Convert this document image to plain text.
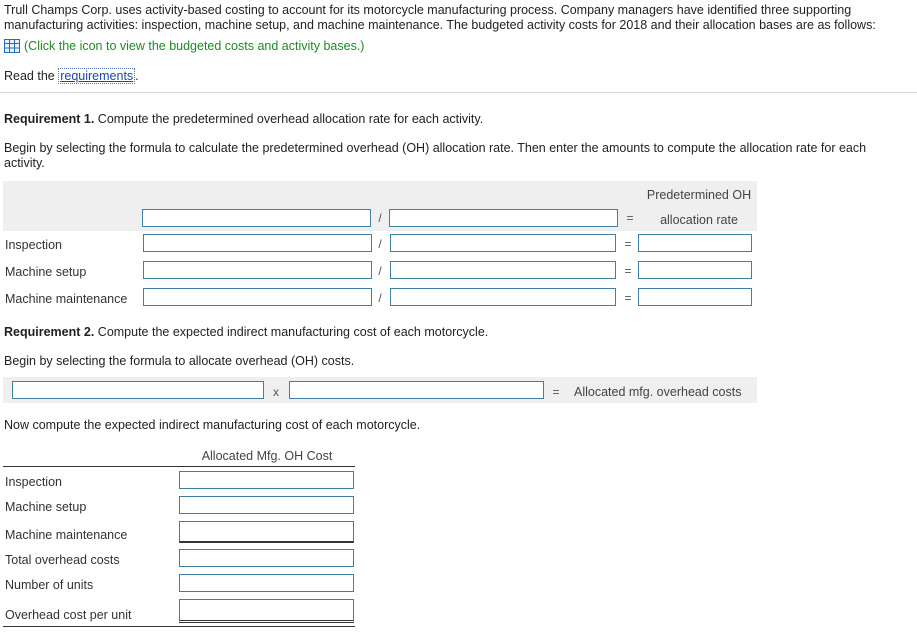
Trull Champs Corp. uses activity-based costing to account for its motorcycle manufacturing process. Company managers have identified three supporting manufacturing activities: inspection, machine setup, and machine maintenance. The budgeted activity costs for 2018 and their allocation bases are as follows:

(Click the icon to view the budgeted costs and activity bases.)
Read the requirements .

Requirement 1. Compute the predetermined overhead allocation rate for each activity.

Begin by selecting the formula to calculate the predetermined overhead (OH) allocation rate. Then enter the amounts to compute the allocation rate for each activity.

Predetermined OH
allocation rate
/	=
Inspection	/	=
Machine setup	/	=
Machine maintenance	/	=

Requirement 2. Compute the expected indirect manufacturing cost of each motorcycle.

Begin by selecting the formula to allocate overhead (OH) costs.

x	= Allocated mfg. overhead costs

Now compute the expected indirect manufacturing cost of each motorcycle.

Allocated Mfg. OH Cost
Inspection
Machine setup
Machine maintenance
Total overhead costs
Number of units
Overhead cost per unit
